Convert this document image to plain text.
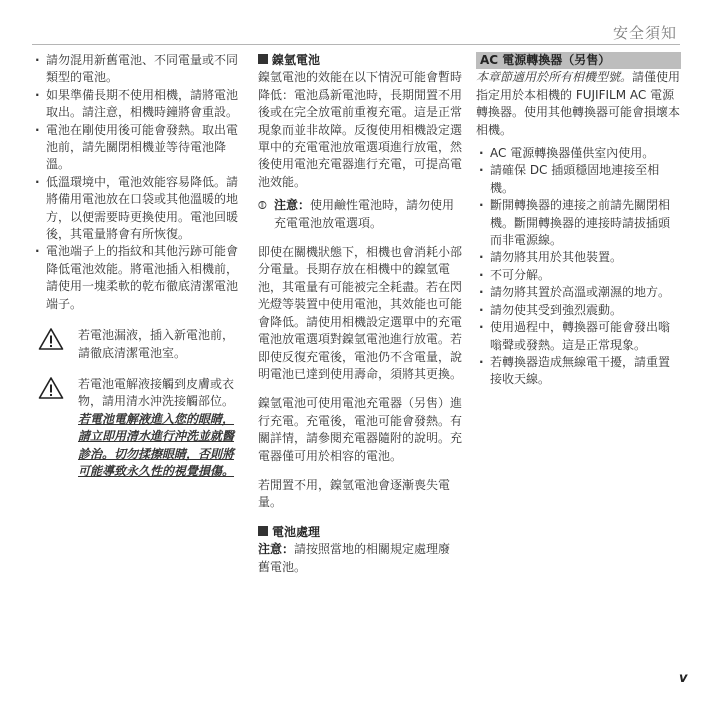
安全須知
· 請勿混用新舊電池、不同電量或不同類型的電池。
· 如果準備長期不使用相機，請將電池取出。請注意，相機時鐘將會重設。
· 電池在剛使用後可能會發熱。取出電池前，請先關閉相機並等待電池降溫。
· 低溫環境中，電池效能容易降低。請將備用電池放在口袋或其他溫暖的地方，以便需要時更換使用。電池回暖後，其電量將會有所恢復。
· 電池端子上的指紋和其他污跡可能會降低電池效能。將電池插入相機前，請使用一塊柔軟的乾布徹底清潔電池端子。
若電池漏液，插入新電池前，請徹底清潔電池室。
若電池電解液接觸到皮膚或衣物，請用清水沖洗接觸部位。若電池電解液進入您的眼睛，請立即用清水進行沖洗並就醫診治。切勿揉擦眼睛，否則將可能導致永久性的視覺損傷。
鎳氫電池

鎳氫電池的效能在以下情況可能會暫時降低：電池爲新電池時，長期閒置不用後或在完全放電前重複充電。這是正常現象而並非故障。反復使用相機設定選單中的充電電池放電選項進行放電，然後使用電池充電器進行充電，可提高電池效能。

⦷ 注意：使用鹼性電池時，請勿使用充電電池放電選項。

即使在關機狀態下，相機也會消耗小部分電量。長期存放在相機中的鎳氫電池，其電量有可能被完全耗盡。若在閃光燈等裝置中使用電池，其效能也可能會降低。請使用相機設定選單中的充電電池放電選項對鎳氫電池進行放電。若即使反復充電後，電池仍不含電量，說明電池已達到使用壽命，須將其更換。

鎳氫電池可使用電池充電器（另售）進行充電。充電後，電池可能會發熱。有關詳情，請參閱充電器隨附的說明。充電器僅可用於相容的電池。

若閒置不用，鎳氫電池會逐漸喪失電量。

電池處理

注意：請按照當地的相關規定處理廢舊電池。

AC 電源轉換器（另售）

本章節適用於所有相機型號。請僅使用指定用於本相機的 FUJIFILM AC 電源轉換器。使用其他轉換器可能會損壞本相機。

· AC 電源轉換器僅供室內使用。
· 請確保 DC 插頭穩固地連接至相機。
· 斷開轉換器的連接之前請先關閉相機。斷開轉換器的連接時請拔插頭而非電源線。
· 請勿將其用於其他裝置。
· 不可分解。
· 請勿將其置於高溫或潮濕的地方。
· 請勿使其受到強烈震動。
· 使用過程中，轉換器可能會發出嗡嗡聲或發熱。這是正常現象。
· 若轉換器造成無線電干擾，請重置接收天線。
v
